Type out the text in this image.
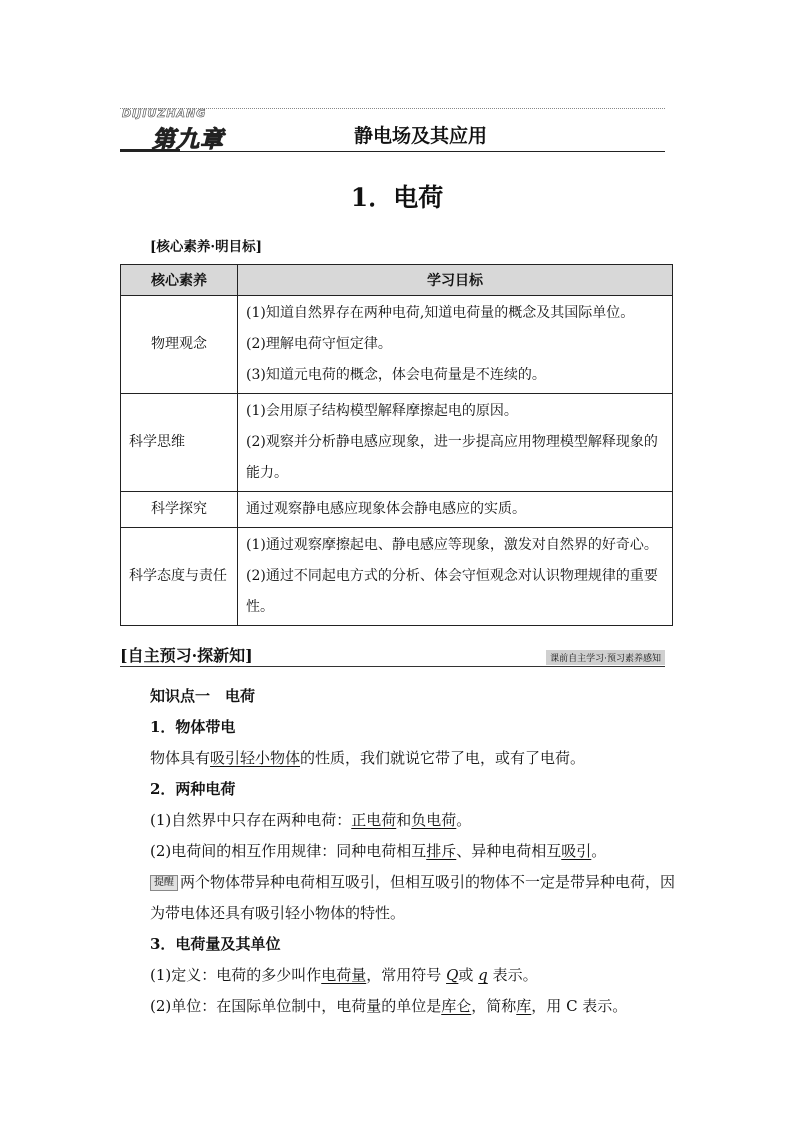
DIJIUZHANG
第九章	静电场及其应用
1．电荷
[核心素养·明目标]
核心素养	学习目标
物理观念	(1)知道自然界存在两种电荷,知道电荷量的概念及其国际单位。
(2)理解电荷守恒定律。
(3)知道元电荷的概念，体会电荷量是不连续的。

科学思维	(1)会用原子结构模型解释摩擦起电的原因。
(2)观察并分析静电感应现象，进一步提高应用物理模型解释现象的能力。

科学探究	通过观察静电感应现象体会静电感应的实质。

科学态度与责任	(1)通过观察摩擦起电、静电感应等现象，激发对自然界的好奇心。
(2)通过不同起电方式的分析、体会守恒观念对认识物理规律的重要性。
[自主预习·探新知]	课前自主学习·预习素养感知

知识点一　电荷

1．物体带电

物体具有吸引轻小物体的性质，我们就说它带了电，或有了电荷。

2．两种电荷

(1)自然界中只存在两种电荷：正电荷和负电荷。

(2)电荷间的相互作用规律：同种电荷相互排斥、异种电荷相互吸引。

提醒 两个物体带异种电荷相互吸引，但相互吸引的物体不一定是带异种电荷，因为带电体还具有吸引轻小物体的特性。

3．电荷量及其单位

(1)定义：电荷的多少叫作电荷量，常用符号 Q或 q 表示。

(2)单位：在国际单位制中，电荷量的单位是库仑，简称库，用 C 表示。
